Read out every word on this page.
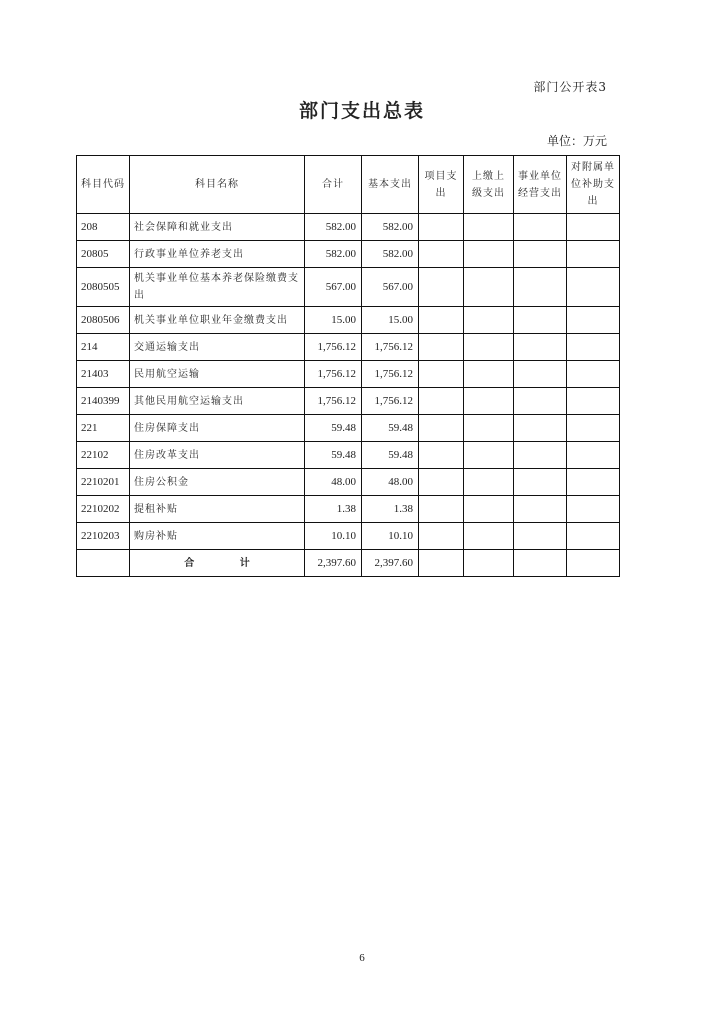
部门公开表3
部门支出总表
单位：万元
科目代码	科目名称	合计	基本支出	项目支出	上缴上级支出	事业单位经营支出	对附属单位补助支出
208	社会保障和就业支出	582.00	582.00				
20805	行政事业单位养老支出	582.00	582.00				
2080505	机关事业单位基本养老保险缴费支出	567.00	567.00				
2080506	机关事业单位职业年金缴费支出	15.00	15.00				
214	交通运输支出	1,756.12	1,756.12				
21403	民用航空运输	1,756.12	1,756.12				
2140399	其他民用航空运输支出	1,756.12	1,756.12				
221	住房保障支出	59.48	59.48				
22102	住房改革支出	59.48	59.48				
2210201	住房公积金	48.00	48.00				
2210202	提租补贴	1.38	1.38				
2210203	购房补贴	10.10	10.10				
	合 计	2,397.60	2,397.60				
6
